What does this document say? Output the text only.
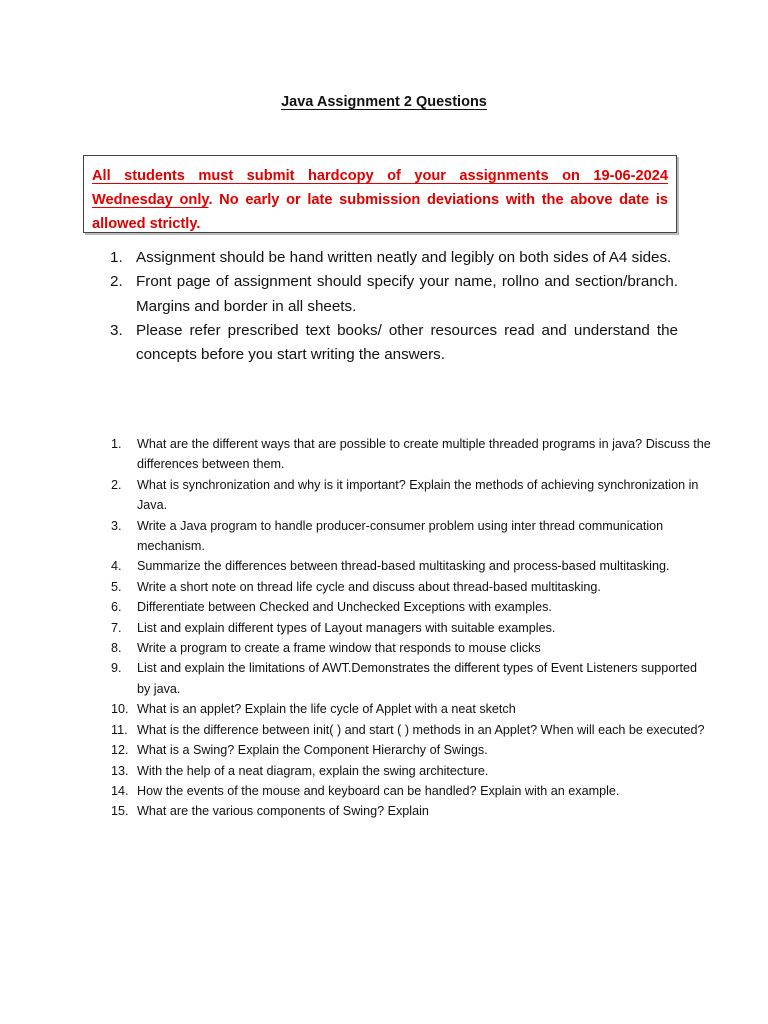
Java Assignment 2 Questions
All students must submit hardcopy of your assignments on 19-06-2024 Wednesday only. No early or late submission deviations with the above date is allowed strictly.
1. Assignment should be hand written neatly and legibly on both sides of A4 sides.
2. Front page of assignment should specify your name, rollno and section/branch. Margins and border in all sheets.
3. Please refer prescribed text books/ other resources read and understand the concepts before you start writing the answers.
1. What are the different ways that are possible to create multiple threaded programs in java? Discuss the differences between them.
2. What is synchronization and why is it important? Explain the methods of achieving synchronization in Java.
3. Write a Java program to handle producer-consumer problem using inter thread communication mechanism.
4. Summarize the differences between thread-based multitasking and process-based multitasking.
5. Write a short note on thread life cycle and discuss about thread-based multitasking.
6. Differentiate between Checked and Unchecked Exceptions with examples.
7. List and explain different types of Layout managers with suitable examples.
8. Write a program to create a frame window that responds to mouse clicks
9. List and explain the limitations of AWT.Demonstrates the different types of Event Listeners supported by java.
10. What is an applet? Explain the life cycle of Applet with a neat sketch
11. What is the difference between init( ) and start ( ) methods in an Applet? When will each be executed?
12. What is a Swing? Explain the Component Hierarchy of Swings.
13. With the help of a neat diagram, explain the swing architecture.
14. How the events of the mouse and keyboard can be handled? Explain with an example.
15. What are the various components of Swing? Explain
